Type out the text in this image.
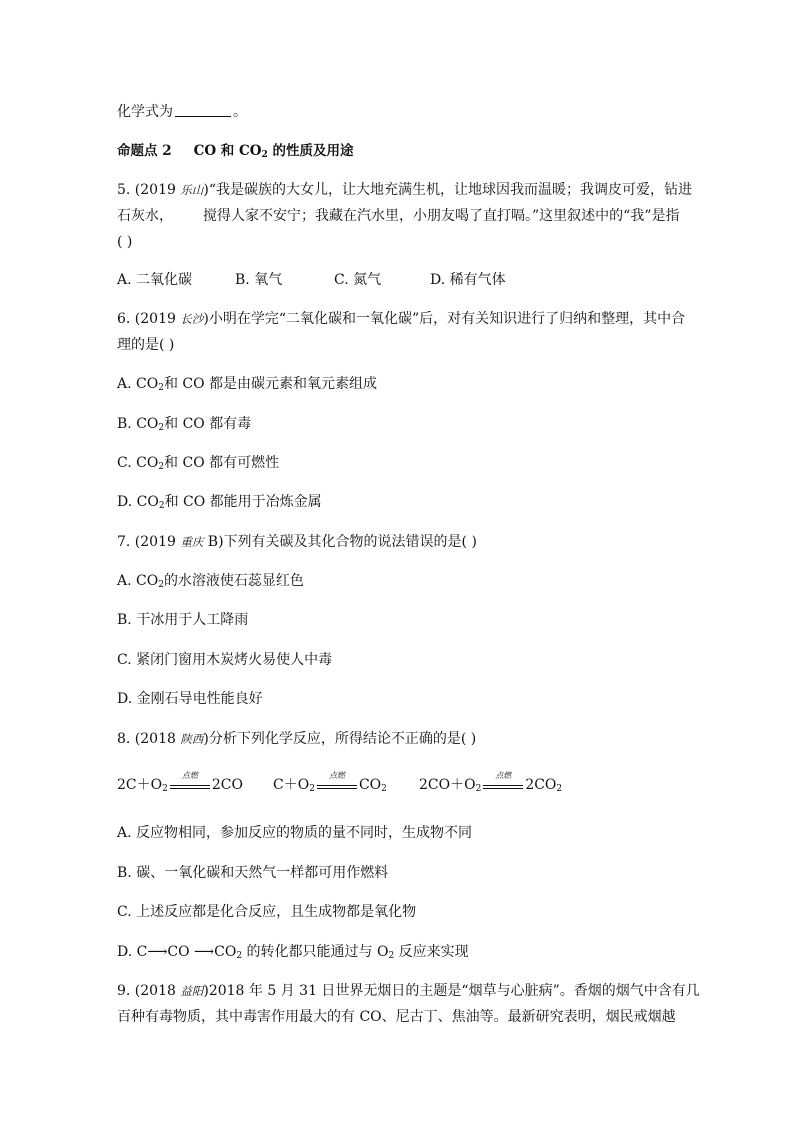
化学式为	。
命题点 2 CO 和 $CO_2$ 的性质及用途
5. (2019 乐山)“我是碳族的大女儿，让大地充满生机，让地球因我而温暖；我调皮可爱，钻进
石灰水， 搅得人家不安宁；我藏在汽水里，小朋友喝了直打嗝。”这里叙述中的“我”是指
( )
A. 二氧化碳	B. 氧气	C. 氮气	D. 稀有气体
6. (2019 长沙)小明在学完“二氧化碳和一氧化碳”后，对有关知识进行了归纳和整理，其中合
理的是( )
A. $CO_2$和 CO 都是由碳元素和氧元素组成
B. $CO_2$和 CO 都有毒
C. $CO_2$和 CO 都有可燃性
D. $CO_2$和 CO 都能用于冶炼金属
7. (2019 重庆 B)下列有关碳及其化合物的说法错误的是( )
A. $CO_2$的水溶液使石蕊显红色
B. 干冰用于人工降雨
C. 紧闭门窗用木炭烤火易使人中毒
D. 金刚石导电性能良好
8. (2018 陕西)分析下列化学反应，所得结论不正确的是( )
$2C+O_2$
点燃
2CO $C+O_2$
点燃
$CO_2$ $2CO+O_2$
点燃
$2CO_2$
A. 反应物相同，参加反应的物质的量不同时，生成物不同
B. 碳、一氧化碳和天然气一样都可用作燃料
C. 上述反应都是化合反应，且生成物都是氧化物
D. C⟶CO $⟶CO_2$ 的转化都只能通过与 $O_2$ 反应来实现
9. (2018 益阳)2018 年 5 月 31 日世界无烟日的主题是“烟草与心脏病”。香烟的烟气中含有几
百种有毒物质，其中毒害作用最大的有 CO、尼古丁、焦油等。最新研究表明，烟民戒烟越
